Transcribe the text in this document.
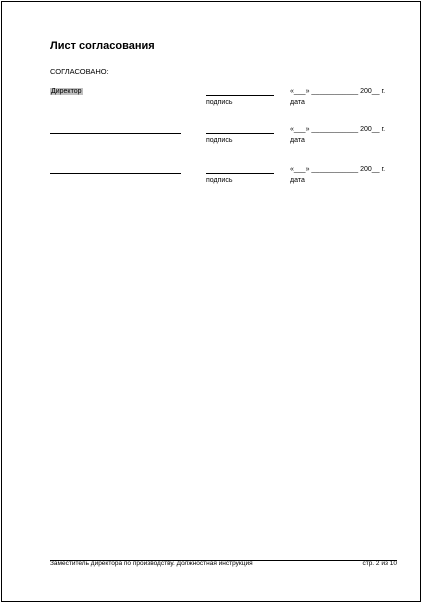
Лист согласования
СОГЛАСОВАНО:
Директор
подпись
«___» ____________ 200__ г.
дата
подпись
«___» ____________ 200__ г.
дата
подпись
«___» ____________ 200__ г.
дата
Заместитель директора по производству. Должностная инструкция	стр. 2 из 10
